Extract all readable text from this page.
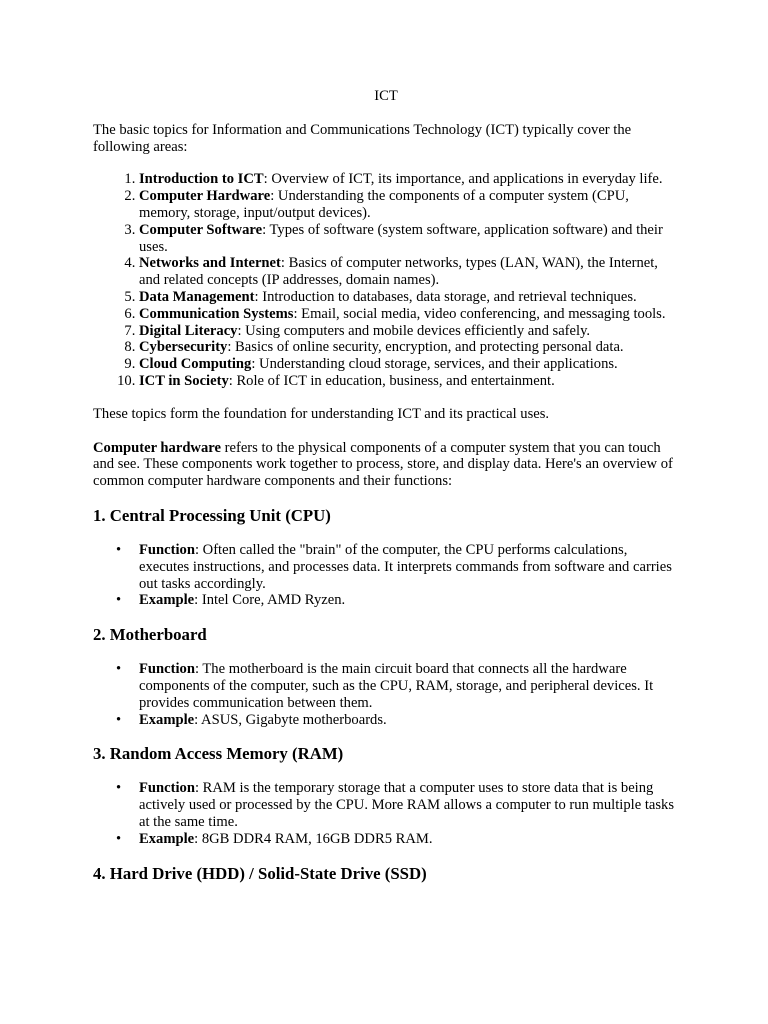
ICT

The basic topics for Information and Communications Technology (ICT) typically cover the following areas:

1. Introduction to ICT: Overview of ICT, its importance, and applications in everyday life.
2. Computer Hardware: Understanding the components of a computer system (CPU, memory, storage, input/output devices).
3. Computer Software: Types of software (system software, application software) and their uses.
4. Networks and Internet: Basics of computer networks, types (LAN, WAN), the Internet, and related concepts (IP addresses, domain names).
5. Data Management: Introduction to databases, data storage, and retrieval techniques.
6. Communication Systems: Email, social media, video conferencing, and messaging tools.
7. Digital Literacy: Using computers and mobile devices efficiently and safely.
8. Cybersecurity: Basics of online security, encryption, and protecting personal data.
9. Cloud Computing: Understanding cloud storage, services, and their applications.
10. ICT in Society: Role of ICT in education, business, and entertainment.

These topics form the foundation for understanding ICT and its practical uses.

Computer hardware refers to the physical components of a computer system that you can touch and see. These components work together to process, store, and display data. Here's an overview of common computer hardware components and their functions:

1. Central Processing Unit (CPU)
• Function: Often called the "brain" of the computer, the CPU performs calculations, executes instructions, and processes data. It interprets commands from software and carries out tasks accordingly.
• Example: Intel Core, AMD Ryzen.
2. Motherboard
• Function: The motherboard is the main circuit board that connects all the hardware components of the computer, such as the CPU, RAM, storage, and peripheral devices. It provides communication between them.
• Example: ASUS, Gigabyte motherboards.
3. Random Access Memory (RAM)
• Function: RAM is the temporary storage that a computer uses to store data that is being actively used or processed by the CPU. More RAM allows a computer to run multiple tasks at the same time.
• Example: 8GB DDR4 RAM, 16GB DDR5 RAM.
4. Hard Drive (HDD) / Solid-State Drive (SSD)
